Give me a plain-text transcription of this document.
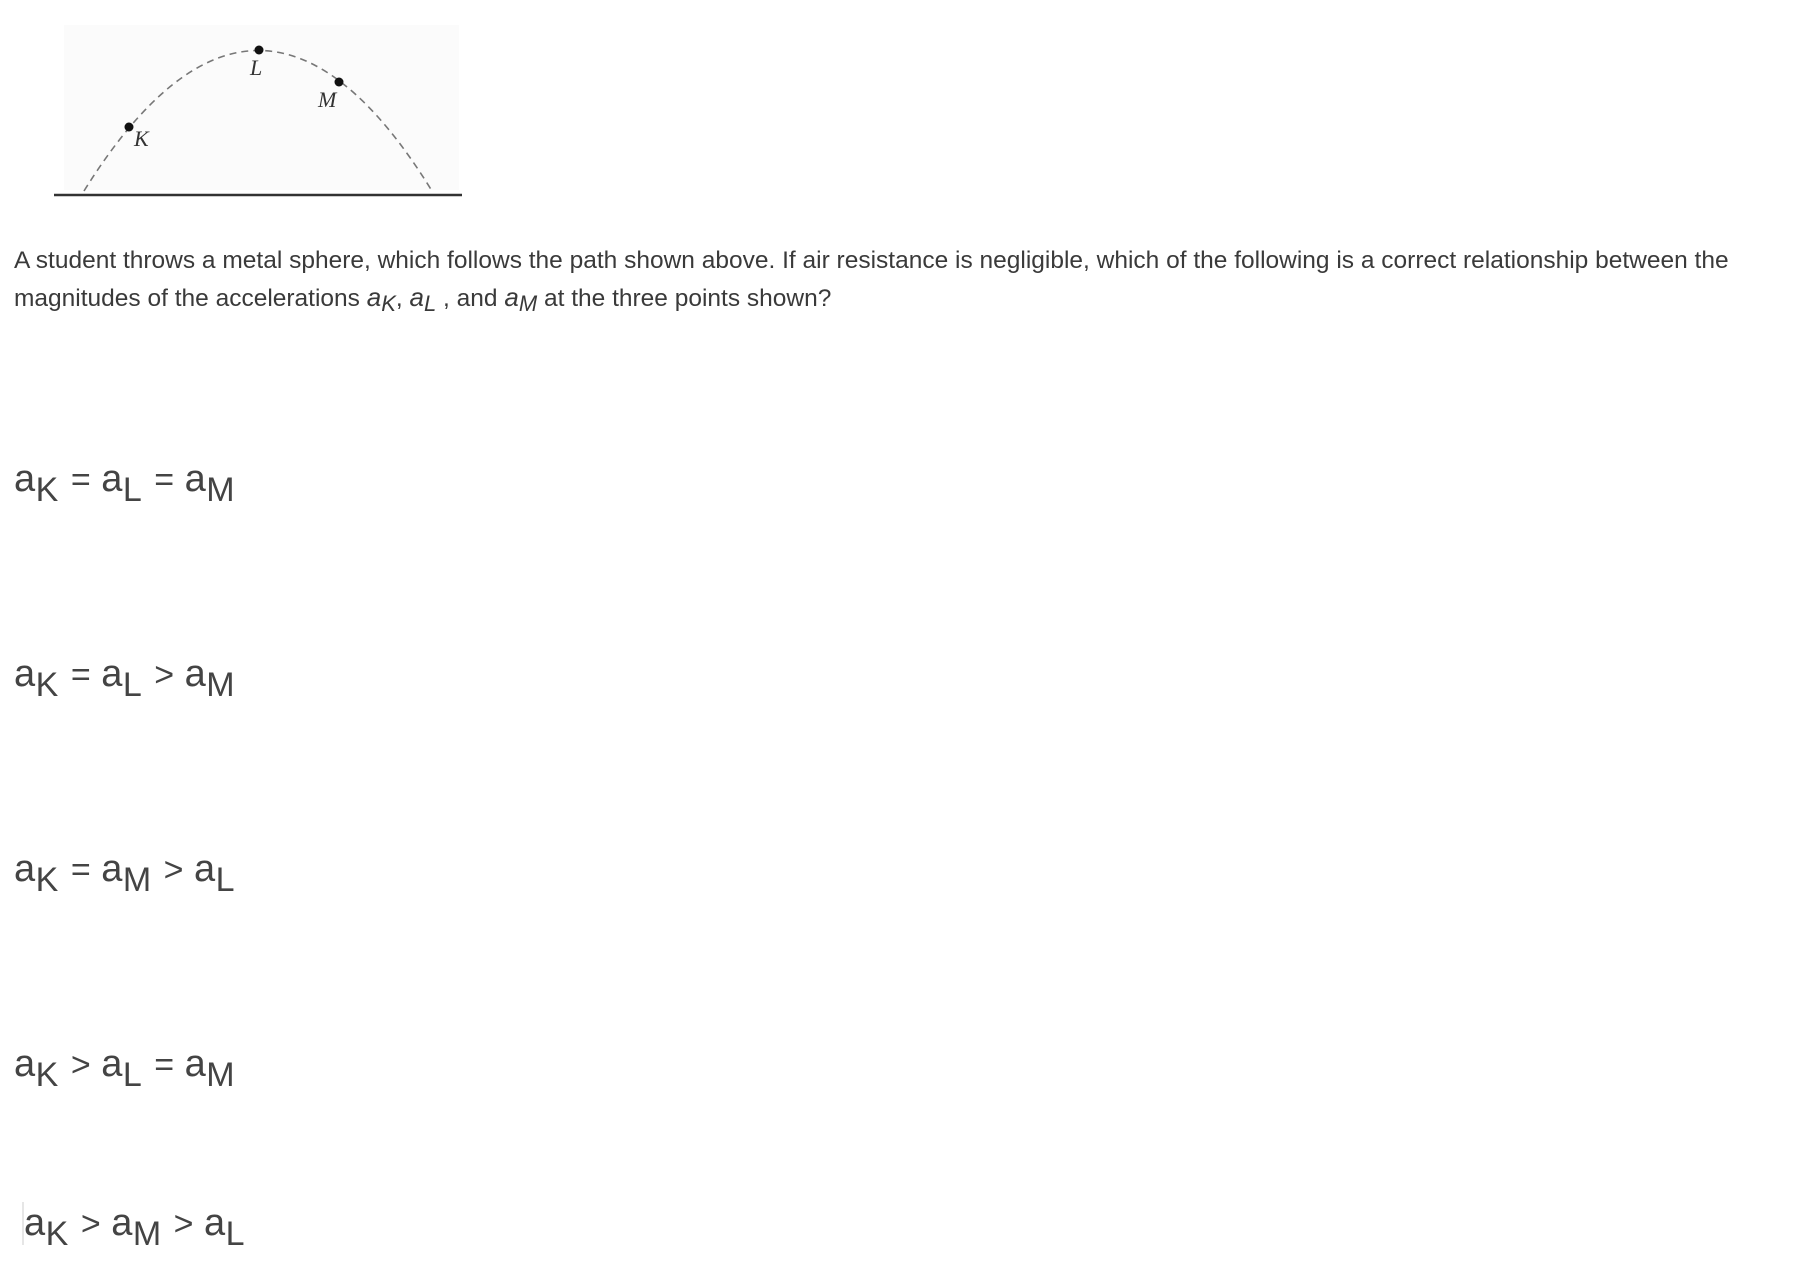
K
L
M
A student throws a metal sphere, which follows the path shown above. If air resistance is negligible, which of the following is a correct relationship between the magnitudes of the accelerations $a_K$, $a_L$ , and $a_M$ at the three points shown?
aK = aL = aM
aK = aL > aM
aK = aM > aL
aK > aL = aM
aK > aM > aL
